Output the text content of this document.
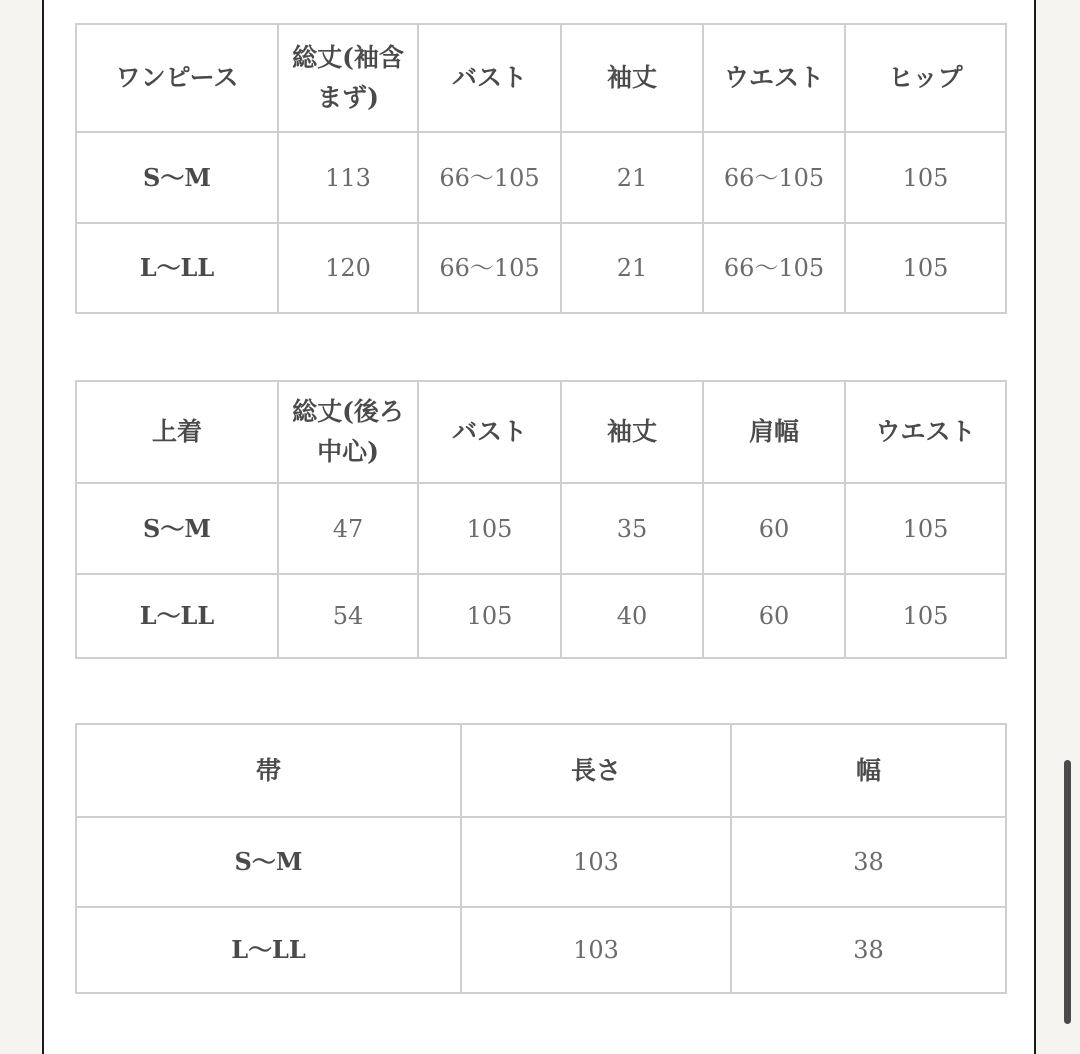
ワンピース	総丈(袖含まず)	バスト	袖丈	ウエスト	ヒップ
S〜M	113	66〜105	21	66〜105	105
L〜LL	120	66〜105	21	66〜105	105
上着	総丈(後ろ中心)	バスト	袖丈	肩幅	ウエスト
S〜M	47	105	35	60	105
L〜LL	54	105	40	60	105
帯	長さ	幅
S〜M	103	38
L〜LL	103	38
